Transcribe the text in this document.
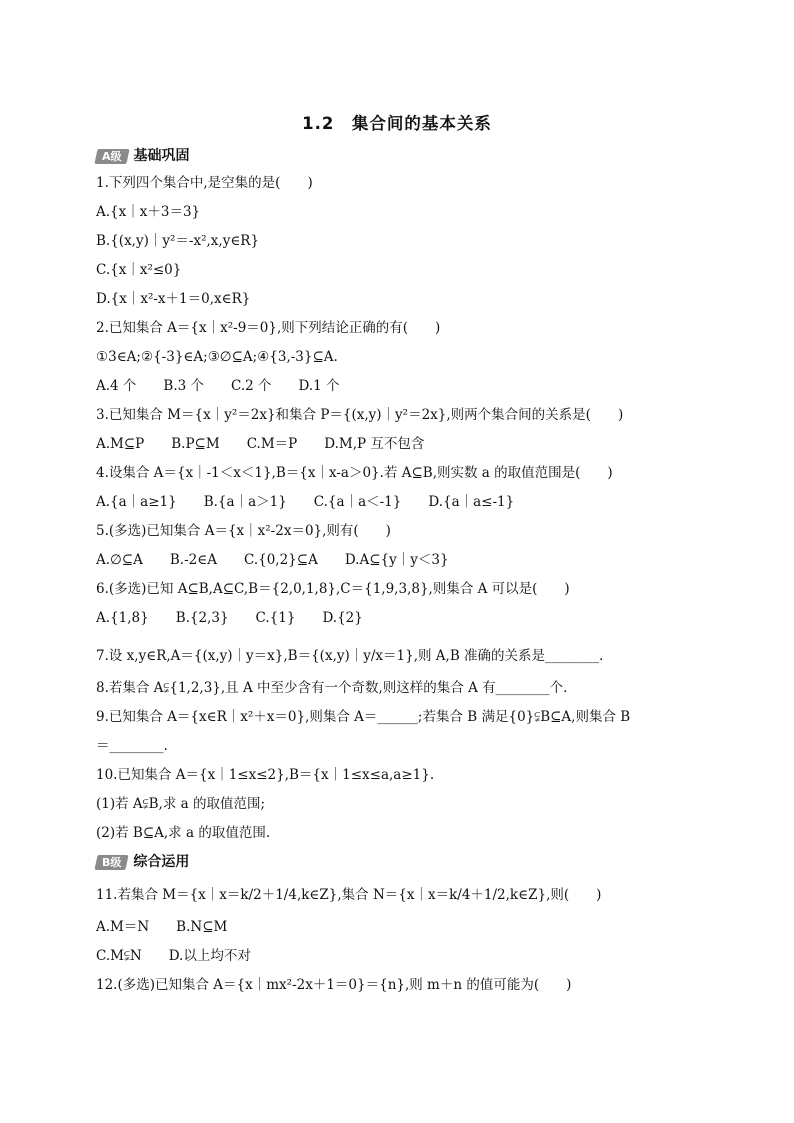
1.2　集合间的基本关系
A级 基础巩固
1.下列四个集合中,是空集的是(　　)
A.{x｜x＋3＝3}
B.{(x,y)｜y²＝-x²,x,y∈R}
C.{x｜x²≤0}
D.{x｜x²-x＋1＝0,x∈R}
2.已知集合 A＝{x｜x²-9＝0},则下列结论正确的有(　　)
①3∈A;②{-3}∈A;③∅⊆A;④{3,-3}⊆A.
A.4 个　　B.3 个　　C.2 个　　D.1 个
3.已知集合 M＝{x｜y²＝2x}和集合 P＝{(x,y)｜y²＝2x},则两个集合间的关系是(　　)
A.M⊆P　　B.P⊆M　　C.M＝P　　D.M,P 互不包含
4.设集合 A＝{x｜-1＜x＜1},B＝{x｜x-a＞0}.若 A⊆B,则实数 a 的取值范围是(　　)
A.{a｜a≥1}　　B.{a｜a＞1}　　C.{a｜a＜-1}　　D.{a｜a≤-1}
5.(多选)已知集合 A＝{x｜x²-2x＝0},则有(　　)
A.∅⊆A　　B.-2∈A　　C.{0,2}⊆A　　D.A⊆{y｜y＜3}
6.(多选)已知 A⊆B,A⊆C,B＝{2,0,1,8},C＝{1,9,3,8},则集合 A 可以是(　　)
A.{1,8}　　B.{2,3}　　C.{1}　　D.{2}
7.设 x,y∈R,A＝{(x,y)｜y＝x},B＝{(x,y)｜y/x＝1},则 A,B 准确的关系是________.
8.若集合 A⫋{1,2,3},且 A 中至少含有一个奇数,则这样的集合 A 有________个.
9.已知集合 A＝{x∈R｜x²＋x＝0},则集合 A＝______;若集合 B 满足{0}⫋B⊆A,则集合 B
＝________.
10.已知集合 A＝{x｜1≤x≤2},B＝{x｜1≤x≤a,a≥1}.
(1)若 A⫋B,求 a 的取值范围;
(2)若 B⊆A,求 a 的取值范围.
B级 综合运用
11.若集合 M＝{x｜x＝k/2＋1/4,k∈Z},集合 N＝{x｜x＝k/4＋1/2,k∈Z},则(　　)
A.M＝N　　B.N⊆M
C.M⫋N　　D.以上均不对
12.(多选)已知集合 A＝{x｜mx²-2x＋1＝0}＝{n},则 m＋n 的值可能为(　　)
